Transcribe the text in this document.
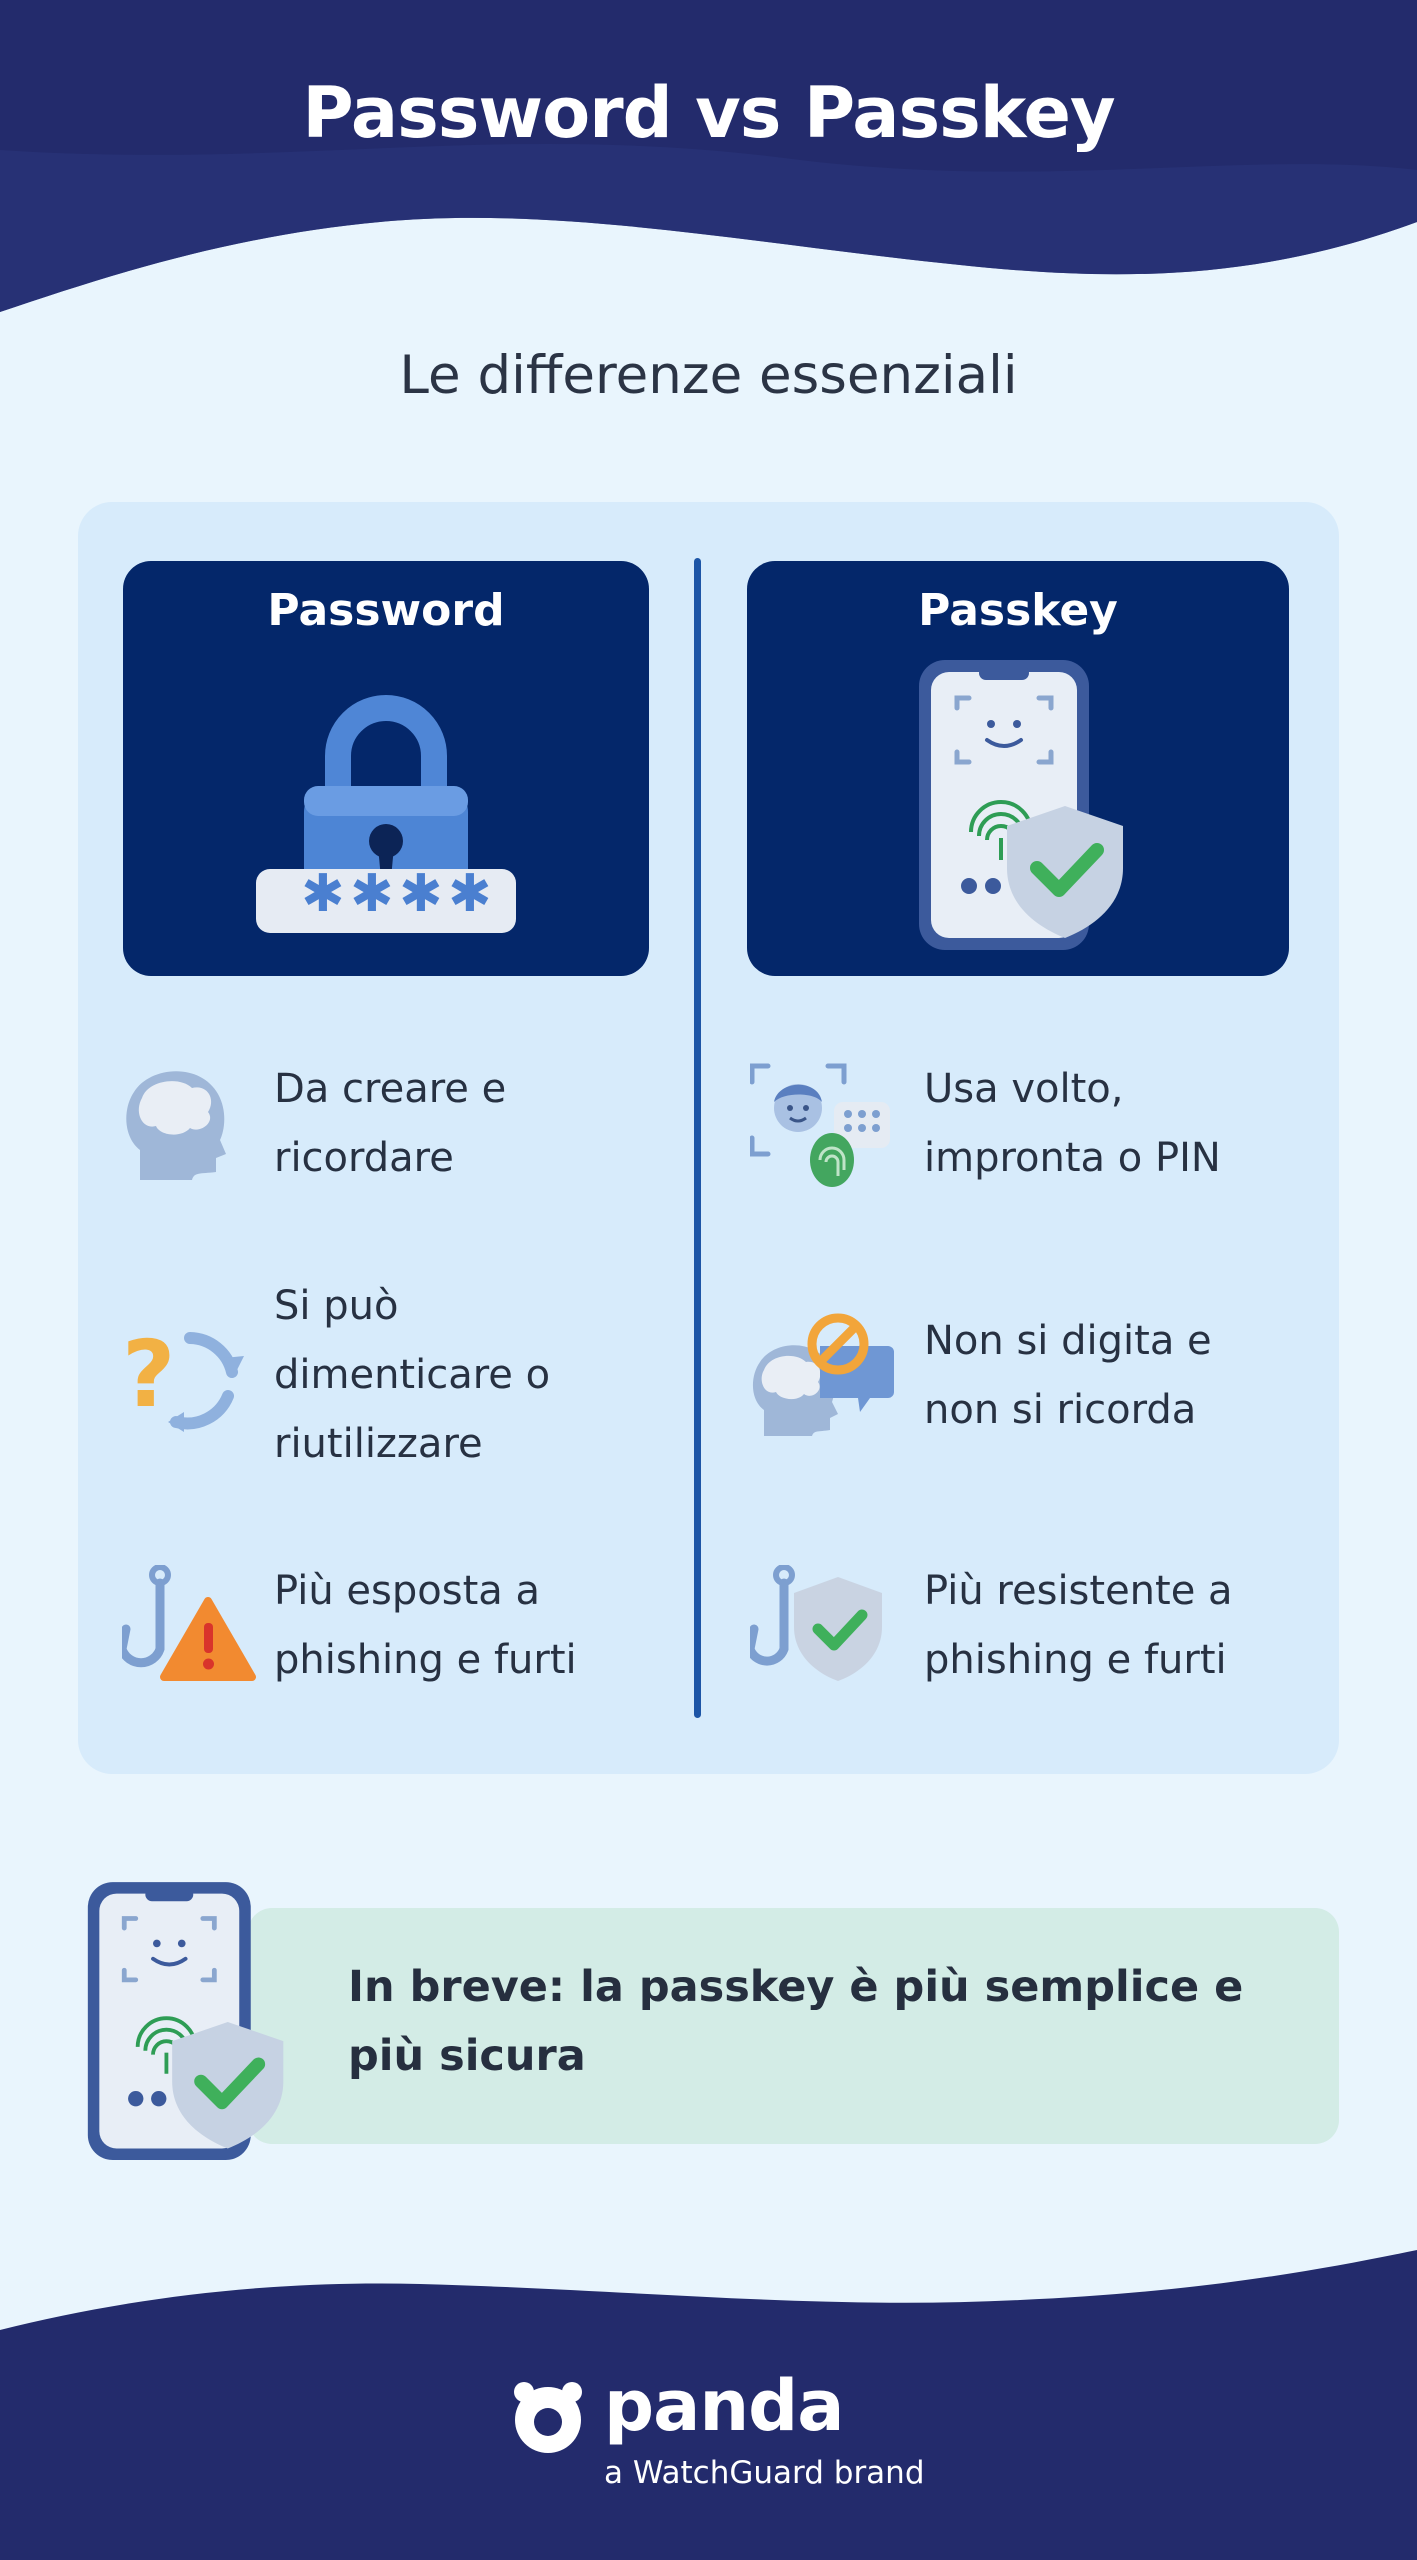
Password vs Passkey
Le differenze essenziali
Password
✱ ✱ ✱ ✱
Passkey
Da creare e
ricordare
?
Si può
dimenticare o
riutilizzare
Più esposta a
phishing e furti
Usa volto,
impronta o PIN
Non si digita e
non si ricorda
Più resistente a
phishing e furti
In breve: la passkey è più semplice e
più sicura
panda
a WatchGuard brand
